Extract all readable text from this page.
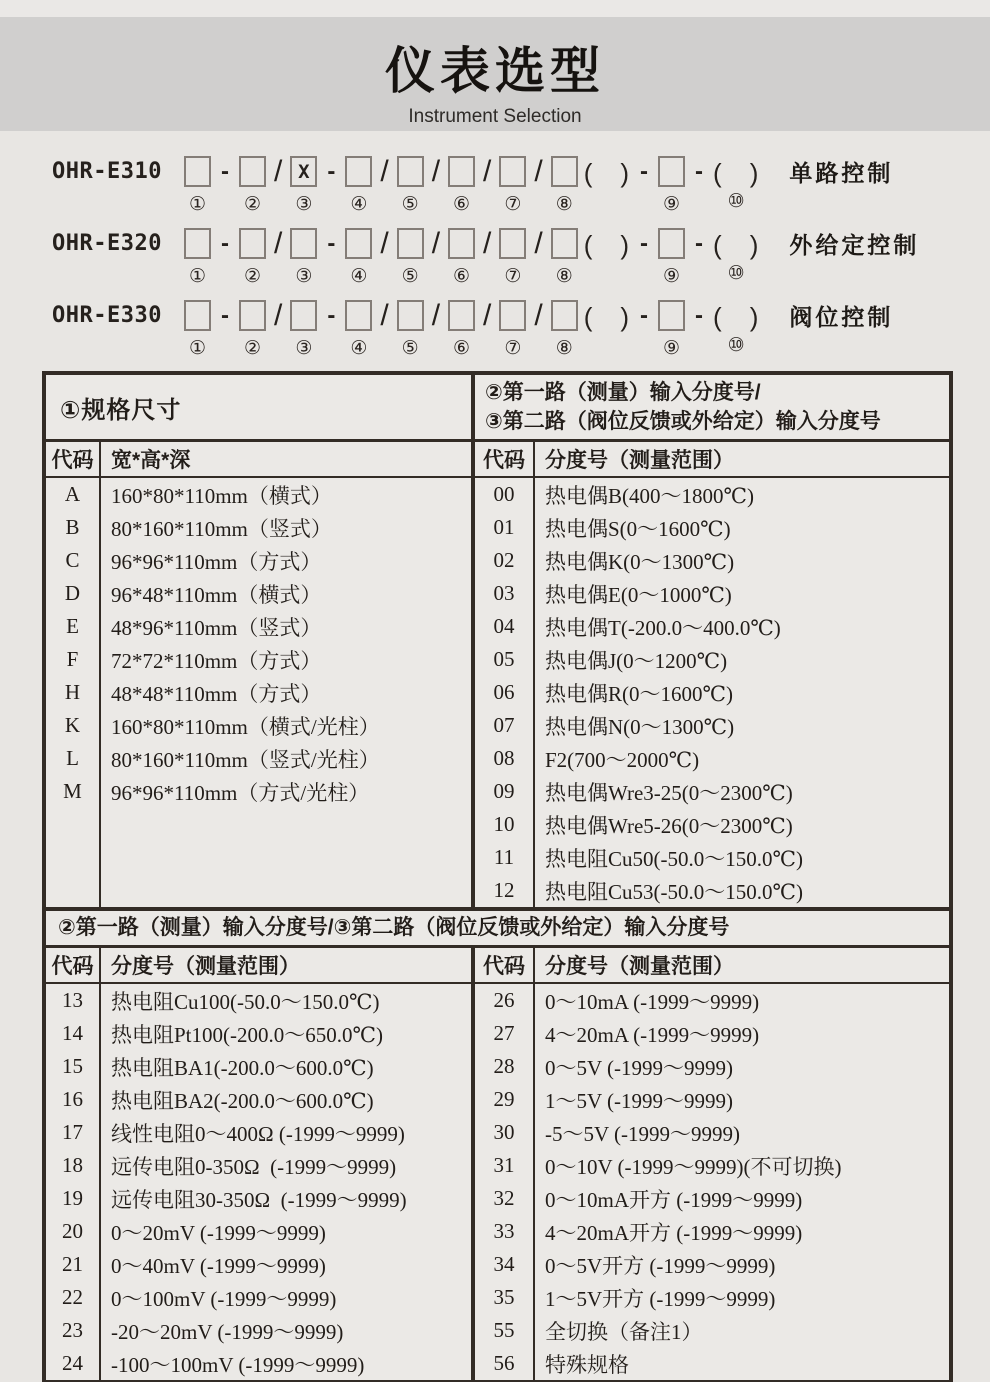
仪表选型
Instrument Selection
OHR-E310
①
-
②
/ X
③
-
④
/
⑤
/
⑥
/
⑦
/
⑧
(　) -
⑨
- (　)
⑩
单路控制
OHR-E320
①
-
②
/
③
-
④
/
⑤
/
⑥
/
⑦
/
⑧
(　) -
⑨
- (　)
⑩
外给定控制
OHR-E330
①
-
②
/
③
-
④
/
⑤
/
⑥
/
⑦
/
⑧
(　) -
⑨
- (　)
⑩
阀位控制
①规格尺寸
代码 宽*高*深
A	160*80*110mm（横式）
B	80*160*110mm（竖式）
C	96*96*110mm（方式）
D	96*48*110mm（横式）
E	48*96*110mm（竖式）
F	72*72*110mm（方式）
H	48*48*110mm（方式）
K	160*80*110mm（横式/光柱）
L	80*160*110mm（竖式/光柱）
M	96*96*110mm（方式/光柱）
②第一路（测量）输入分度号/
③第二路（阀位反馈或外给定）输入分度号
代码 分度号（测量范围）
00	热电偶B(400～1800℃)
01	热电偶S(0～1600℃)
02	热电偶K(0～1300℃)
03	热电偶E(0～1000℃)
04	热电偶T(-200.0～400.0℃)
05	热电偶J(0～1200℃)
06	热电偶R(0～1600℃)
07	热电偶N(0～1300℃)
08	F2(700～2000℃)
09	热电偶Wre3-25(0～2300℃)
10	热电偶Wre5-26(0～2300℃)
11	热电阻Cu50(-50.0～150.0℃)
12	热电阻Cu53(-50.0～150.0℃)
②第一路（测量）输入分度号/③第二路（阀位反馈或外给定）输入分度号
代码 分度号（测量范围）
13	热电阻Cu100(-50.0～150.0℃)
14	热电阻Pt100(-200.0～650.0℃)
15	热电阻BA1(-200.0～600.0℃)
16	热电阻BA2(-200.0～600.0℃)
17	线性电阻0～400Ω (-1999～9999)
18	远传电阻0-350Ω  (-1999～9999)
19	远传电阻30-350Ω  (-1999～9999)
20	0～20mV (-1999～9999)
21	0～40mV (-1999～9999)
22	0～100mV (-1999～9999)
23	-20～20mV (-1999～9999)
24	-100～100mV (-1999～9999)
代码 分度号（测量范围）
26	0～10mA (-1999～9999)
27	4～20mA (-1999～9999)
28	0～5V (-1999～9999)
29	1～5V (-1999～9999)
30	-5～5V (-1999～9999)
31	0～10V (-1999～9999)(不可切换)
32	0～10mA开方 (-1999～9999)
33	4～20mA开方 (-1999～9999)
34	0～5V开方 (-1999～9999)
35	1～5V开方 (-1999～9999)
55	全切换（备注1）
56	特殊规格
